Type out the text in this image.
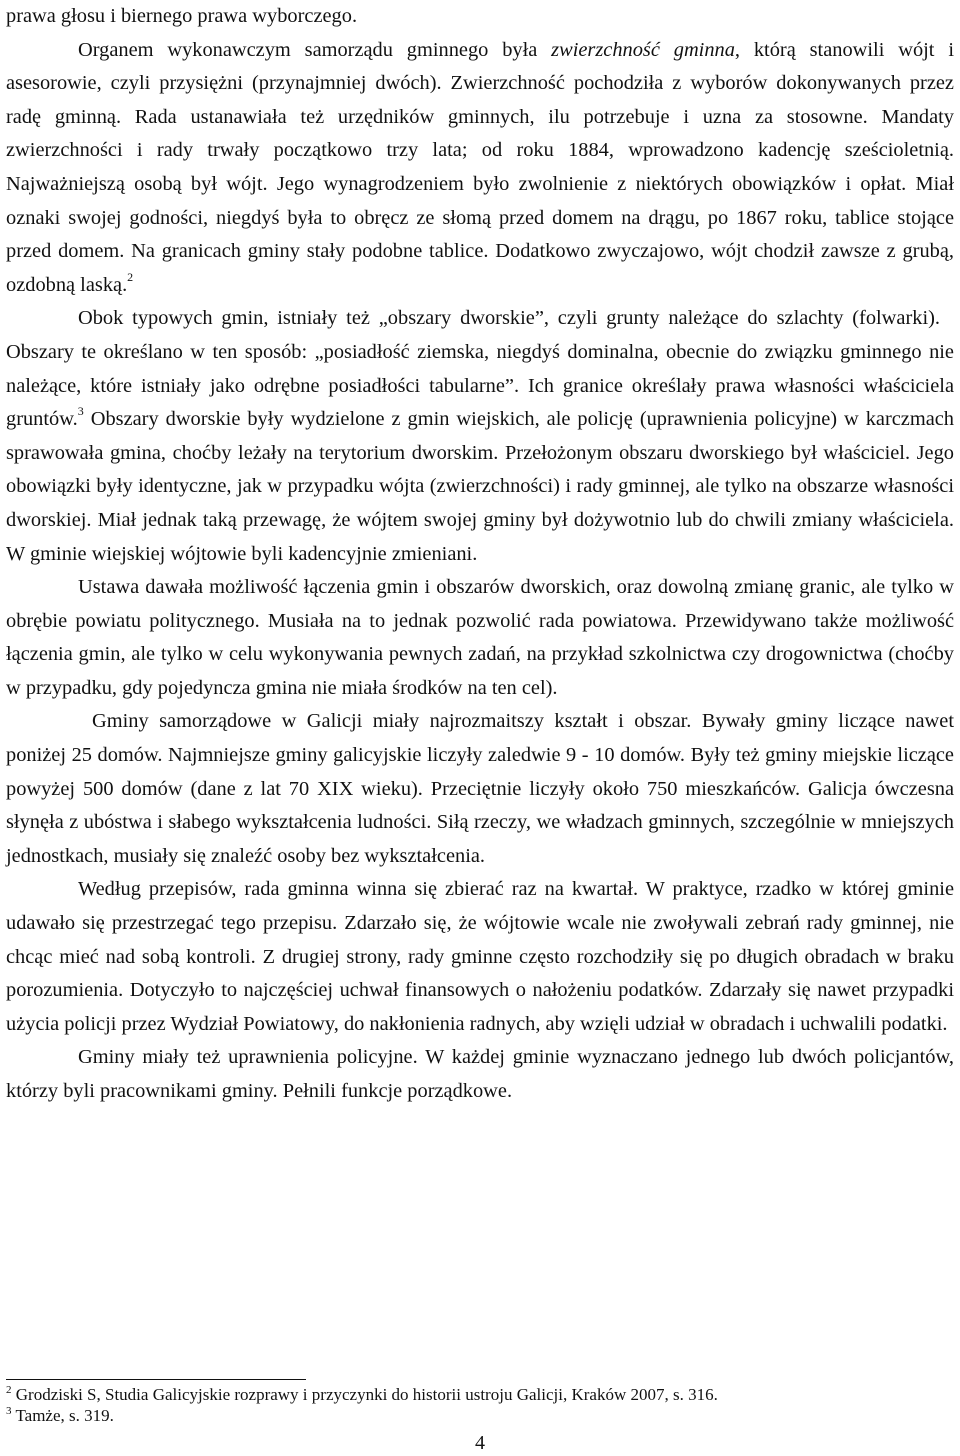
prawa głosu i biernego prawa wyborczego.

Organem wykonawczym samorządu gminnego była zwierzchność gminna, którą stanowili wójt i asesorowie, czyli przysiężni (przynajmniej dwóch). Zwierzchność pochodziła z wyborów dokonywanych przez radę gminną. Rada ustanawiała też urzędników gminnych, ilu potrzebuje i uzna za stosowne. Mandaty zwierzchności i rady trwały początkowo trzy lata; od roku 1884, wprowadzono kadencję sześcioletnią. Najważniejszą osobą był wójt. Jego wynagrodzeniem było zwolnienie z niektórych obowiązków i opłat. Miał oznaki swojej godności, niegdyś była to obręcz ze słomą przed domem na drągu, po 1867 roku, tablice stojące przed domem. Na granicach gminy stały podobne tablice. Dodatkowo zwyczajowo, wójt chodził zawsze z grubą, ozdobną laską.$^2$

Obok typowych gmin, istniały też „obszary dworskie”, czyli grunty należące do szlachty (folwarki).Obszary te określano w ten sposób: „posiadłość ziemska, niegdyś dominalna, obecnie do związku gminnego nie należące, które istniały jako odrębne posiadłości tabularne”. Ich granice określały prawa własności właściciela gruntów.$^3$ Obszary dworskie były wydzielone z gmin wiejskich, ale policję (uprawnienia policyjne) w karczmach sprawowała gmina, choćby leżały na terytorium dworskim. Przełożonym obszaru dworskiego był właściciel. Jego obowiązki były identyczne, jak w przypadku wójta (zwierzchności) i rady gminnej, ale tylko na obszarze własności dworskiej. Miał jednak taką przewagę, że wójtem swojej gminy był dożywotnio lub do chwili zmiany właściciela. W gminie wiejskiej wójtowie byli kadencyjnie zmieniani.

Ustawa dawała możliwość łączenia gmin i obszarów dworskich, oraz dowolną zmianę granic, ale tylko w obrębie powiatu politycznego. Musiała na to jednak pozwolić rada powiatowa. Przewidywano także możliwość łączenia gmin, ale tylko w celu wykonywania pewnych zadań, na przykład szkolnictwa czy drogownictwa (choćby w przypadku, gdy pojedyncza gmina nie miała środków na ten cel).

Gminy samorządowe w Galicji miały najrozmaitszy kształt i obszar. Bywały gminy liczące nawet poniżej 25 domów. Najmniejsze gminy galicyjskie liczyły zaledwie 9 - 10 domów. Były też gminy miejskie liczące powyżej 500 domów (dane z lat 70 XIX wieku). Przeciętnie liczyły około 750 mieszkańców. Galicja ówczesna słynęła z ubóstwa i słabego wykształcenia ludności. Siłą rzeczy, we władzach gminnych, szczególnie w mniejszych jednostkach, musiały się znaleźć osoby bez wykształcenia.

Według przepisów, rada gminna winna się zbierać raz na kwartał. W praktyce, rzadko w której gminie udawało się przestrzegać tego przepisu. Zdarzało się, że wójtowie wcale nie zwoływali zebrań rady gminnej, nie chcąc mieć nad sobą kontroli. Z drugiej strony, rady gminne często rozchodziły się po długich obradach w braku porozumienia. Dotyczyło to najczęściej uchwał finansowych o nałożeniu podatków. Zdarzały się nawet przypadki użycia policji przez Wydział Powiatowy, do nakłonienia radnych, aby wzięli udział w obradach i uchwalili podatki.

Gminy miały też uprawnienia policyjne. W każdej gminie wyznaczano jednego lub dwóch policjantów, którzy byli pracownikami gminy. Pełnili funkcje porządkowe.

$^2$ Grodziski S, Studia Galicyjskie rozprawy i przyczynki do historii ustroju Galicji, Kraków 2007, s. 316.
$^3$ Tamże, s. 319.
4
